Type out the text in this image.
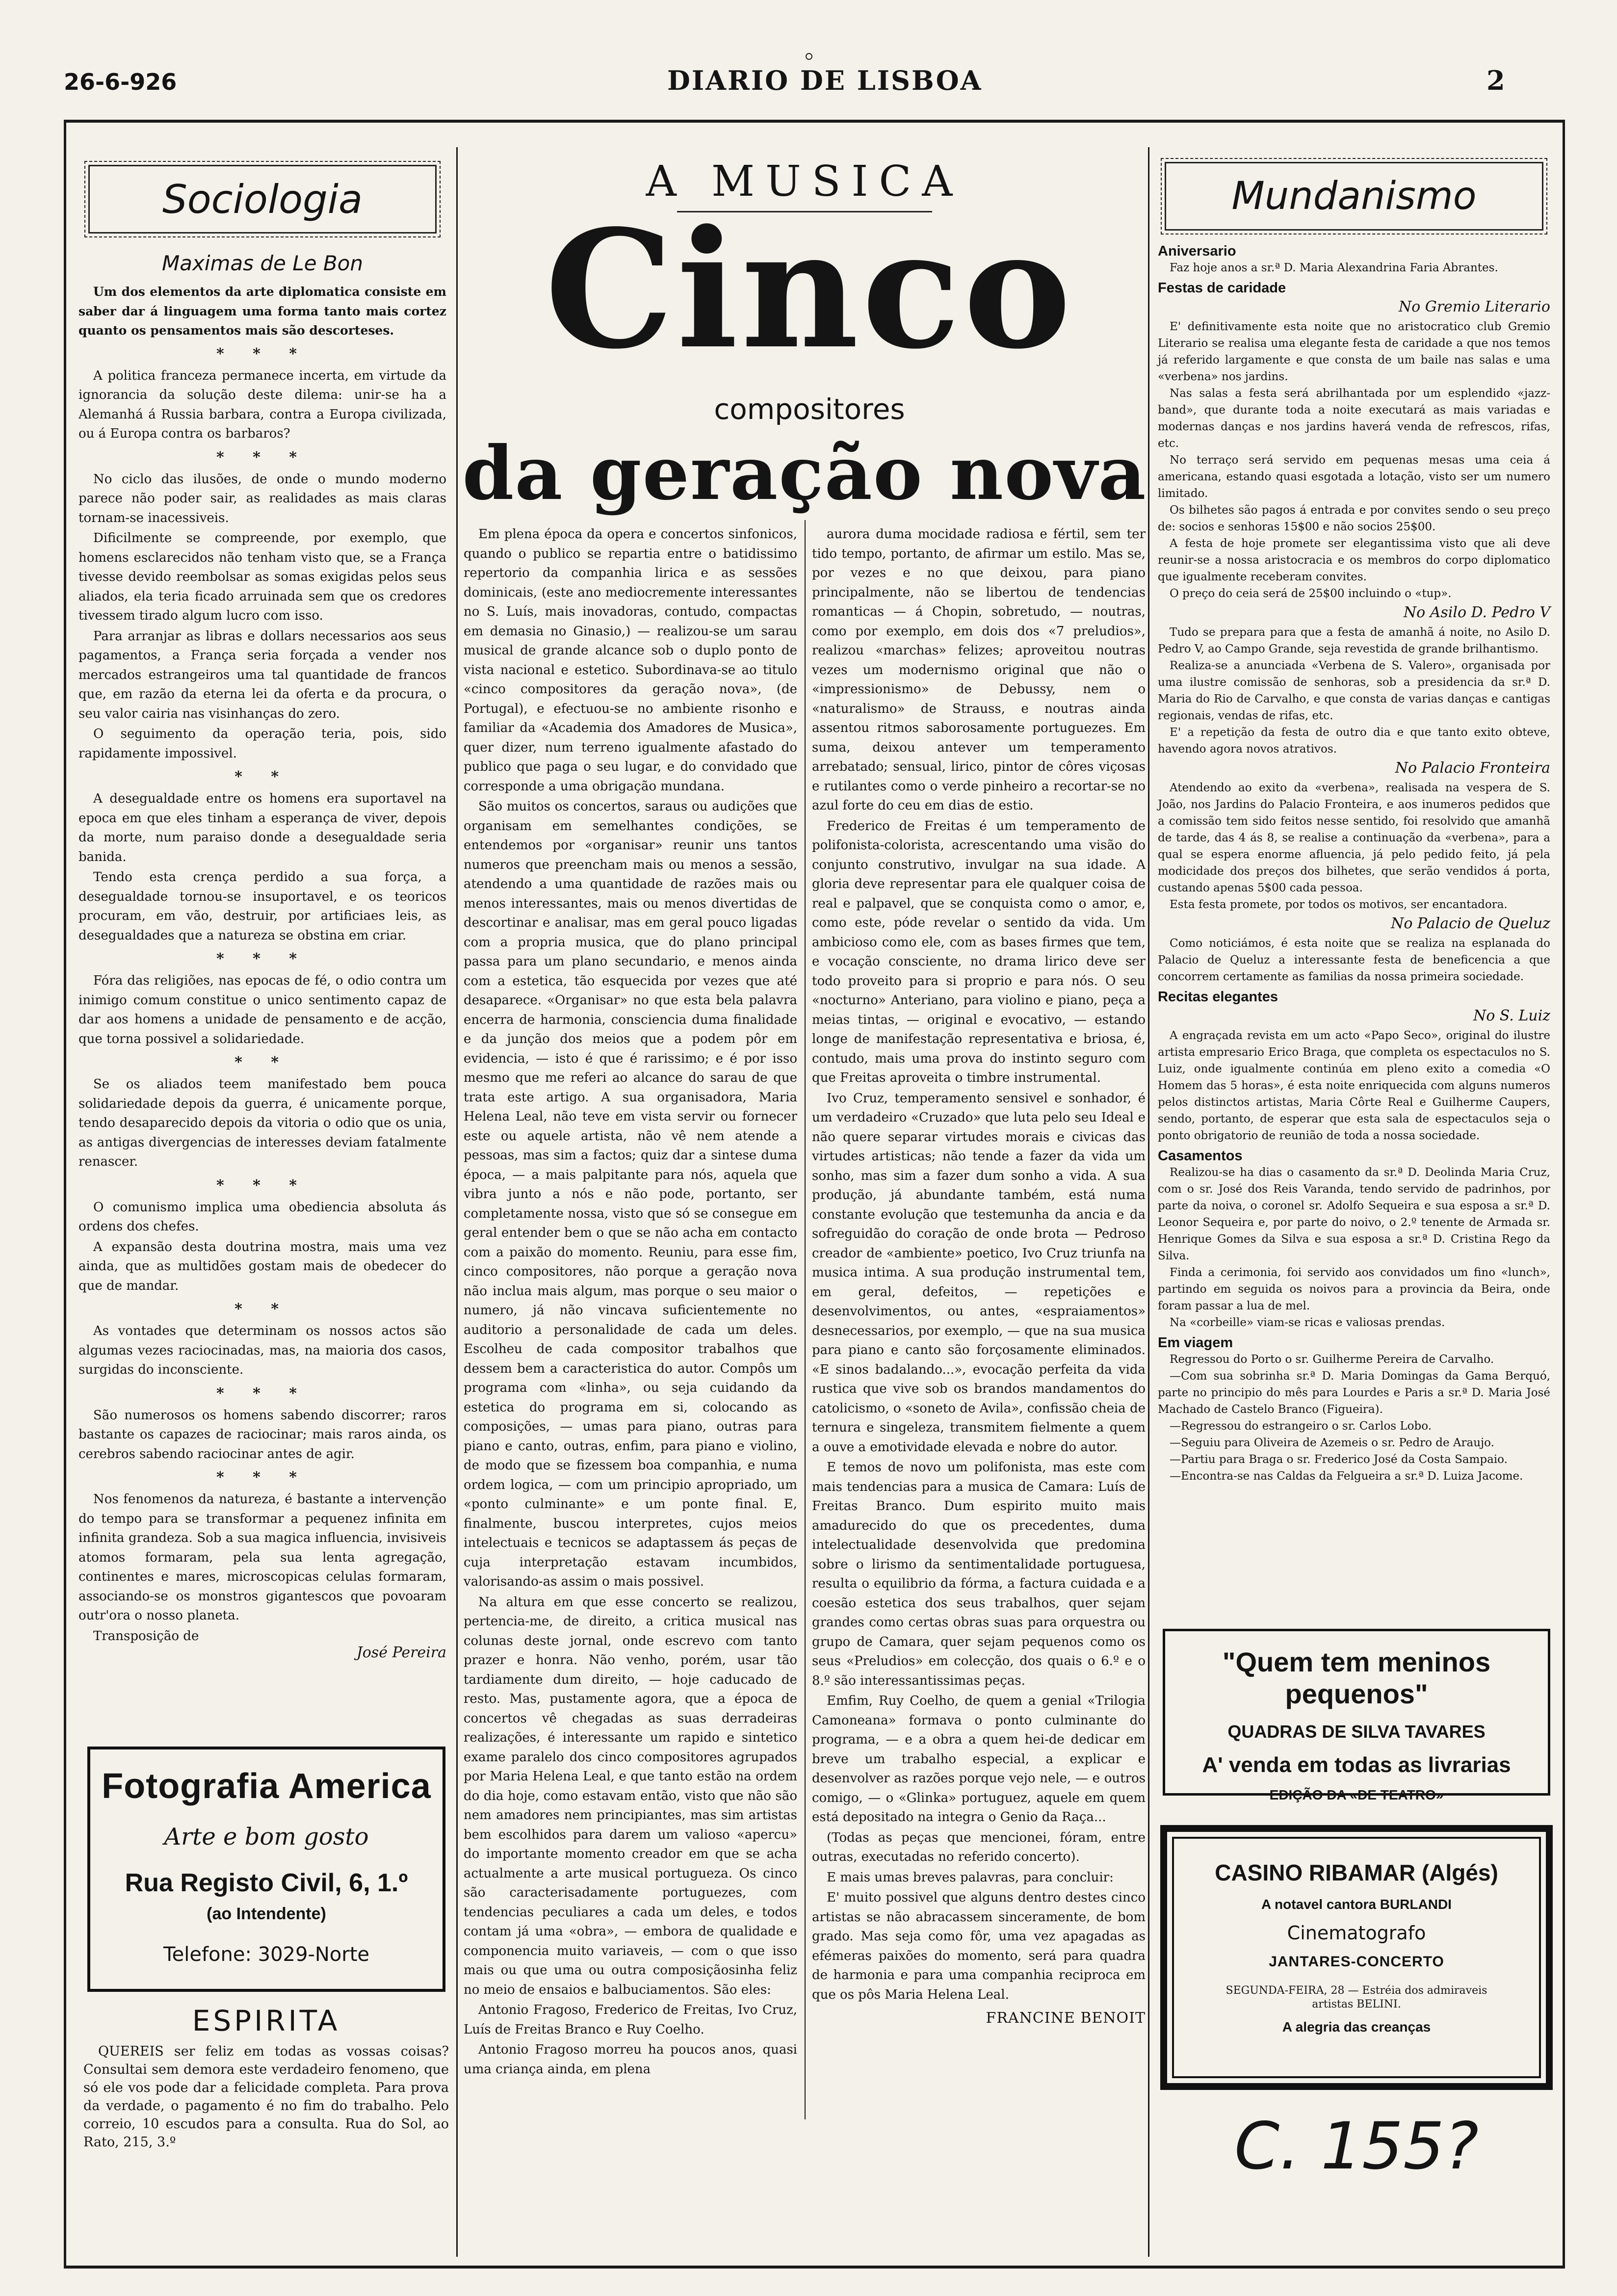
26-6-926	DIARIO DE LISBOA	2
Sociologia
Maximas de Le Bon

Um dos elementos da arte diplomatica consiste em saber dar á linguagem uma forma tanto mais cortez quanto os pensamentos mais são descorteses.

* * *

A politica franceza permanece incerta, em virtude da ignorancia da solução deste dilema: unir-se ha a Alemanhá á Russia barbara, contra a Europa civilizada, ou á Europa contra os barbaros?

* * *

No ciclo das ilusões, de onde o mundo moderno parece não poder sair, as realidades as mais claras tornam-se inacessiveis.

Dificilmente se compreende, por exemplo, que homens esclarecidos não tenham visto que, se a França tivesse devido reembolsar as somas exigidas pelos seus aliados, ela teria ficado arruinada sem que os credores tivessem tirado algum lucro com isso.

Para arranjar as libras e dollars necessarios aos seus pagamentos, a França seria forçada a vender nos mercados estrangeiros uma tal quantidade de francos que, em razão da eterna lei da oferta e da procura, o seu valor cairia nas visinhanças do zero.

O seguimento da operação teria, pois, sido rapidamente impossivel.

* *

A desegualdade entre os homens era suportavel na epoca em que eles tinham a esperança de viver, depois da morte, num paraiso donde a desegualdade seria banida.

Tendo esta crença perdido a sua força, a desegualdade tornou-se insuportavel, e os teoricos procuram, em vão, destruir, por artificiaes leis, as desegualdades que a natureza se obstina em criar.

* * *

Fóra das religiões, nas epocas de fé, o odio contra um inimigo comum constitue o unico sentimento capaz de dar aos homens a unidade de pensamento e de acção, que torna possivel a solidariedade.

* *

Se os aliados teem manifestado bem pouca solidariedade depois da guerra, é unicamente porque, tendo desaparecido depois da vitoria o odio que os unia, as antigas divergencias de interesses deviam fatalmente renascer.

* * *

O comunismo implica uma obediencia absoluta ás ordens dos chefes.

A expansão desta doutrina mostra, mais uma vez ainda, que as multidões gostam mais de obedecer do que de mandar.

* *

As vontades que determinam os nossos actos são algumas vezes raciocinadas, mas, na maioria dos casos, surgidas do inconsciente.

* * *

São numerosos os homens sabendo discorrer; raros bastante os capazes de raciocinar; mais raros ainda, os cerebros sabendo raciocinar antes de agir.

* * *

Nos fenomenos da natureza, é bastante a intervenção do tempo para se transformar a pequenez infinita em infinita grandeza. Sob a sua magica influencia, invisiveis atomos formaram, pela sua lenta agregação, continentes e mares, microscopicas celulas formaram, associando-se os monstros gigantescos que povoaram outr'ora o nosso planeta.

Transposição de

José Pereira
Fotografia America
Arte e bom gosto
Rua Registo Civil, 6, 1.º
(ao Intendente)
Telefone: 3029-Norte
ESPIRITA

QUEREIS ser feliz em todas as vossas coisas? Consultai sem demora este verdadeiro fenomeno, que só ele vos pode dar a felicidade completa. Para prova da verdade, o pagamento é no fim do trabalho. Pelo correio, 10 escudos para a consulta. Rua do Sol, ao Rato, 215, 3.º

A MUSICA
Cinco
compositores
da geração nova

Em plena época da opera e concertos sinfonicos, quando o publico se repartia entre o batidissimo repertorio da companhia lirica e as sessões dominicais, (este ano mediocremente interessantes no S. Luís, mais inovadoras, contudo, compactas em demasia no Ginasio,) — realizou-se um sarau musical de grande alcance sob o duplo ponto de vista nacional e estetico. Subordinava-se ao titulo «cinco compositores da geração nova», (de Portugal), e efectuou-se no ambiente risonho e familiar da «Academia dos Amadores de Musica», quer dizer, num terreno igualmente afastado do publico que paga o seu lugar, e do convidado que corresponde a uma obrigação mundana.

São muitos os concertos, saraus ou audições que organisam em semelhantes condições, se entendemos por «organisar» reunir uns tantos numeros que preencham mais ou menos a sessão, atendendo a uma quantidade de razões mais ou menos interessantes, mais ou menos divertidas de descortinar e analisar, mas em geral pouco ligadas com a propria musica, que do plano principal passa para um plano secundario, e menos ainda com a estetica, tão esquecida por vezes que até desaparece. «Organisar» no que esta bela palavra encerra de harmonia, consciencia duma finalidade e da junção dos meios que a podem pôr em evidencia, — isto é que é rarissimo; e é por isso mesmo que me referi ao alcance do sarau de que trata este artigo. A sua organisadora, Maria Helena Leal, não teve em vista servir ou fornecer este ou aquele artista, não vê nem atende a pessoas, mas sim a factos; quiz dar a sintese duma época, — a mais palpitante para nós, aquela que vibra junto a nós e não pode, portanto, ser completamente nossa, visto que só se consegue em geral entender bem o que se não acha em contacto com a paixão do momento. Reuniu, para esse fim, cinco compositores, não porque a geração nova não inclua mais algum, mas porque o seu maior o numero, já não vincava suficientemente no auditorio a personalidade de cada um deles. Escolheu de cada compositor trabalhos que dessem bem a caracteristica do autor. Compôs um programa com «linha», ou seja cuidando da estetica do programa em si, colocando as composições, — umas para piano, outras para piano e canto, outras, enfim, para piano e violino, de modo que se fizessem boa companhia, e numa ordem logica, — com um principio apropriado, um «ponto culminante» e um ponte final. E, finalmente, buscou interpretes, cujos meios intelectuais e tecnicos se adaptassem ás peças de cuja interpretação estavam incumbidos, valorisando-as assim o mais possivel.

Na altura em que esse concerto se realizou, pertencia-me, de direito, a critica musical nas colunas deste jornal, onde escrevo com tanto prazer e honra. Não venho, porém, usar tão tardiamente dum direito, — hoje caducado de resto. Mas, pustamente agora, que a época de concertos vê chegadas as suas derradeiras realizações, é interessante um rapido e sintetico exame paralelo dos cinco compositores agrupados por Maria Helena Leal, e que tanto estão na ordem do dia hoje, como estavam então, visto que não são nem amadores nem principiantes, mas sim artistas bem escolhidos para darem um valioso «apercu» do importante momento creador em que se acha actualmente a arte musical portugueza. Os cinco são caracterisadamente portuguezes, com tendencias peculiares a cada um deles, e todos contam já uma «obra», — embora de qualidade e componencia muito variaveis, — com o que isso mais ou que uma ou outra composiçãosinha feliz no meio de ensaios e balbuciamentos. São eles:

Antonio Fragoso, Frederico de Freitas, Ivo Cruz, Luís de Freitas Branco e Ruy Coelho.

Antonio Fragoso morreu ha poucos anos, quasi uma criança ainda, em plena

aurora duma mocidade radiosa e fértil, sem ter tido tempo, portanto, de afirmar um estilo. Mas se, por vezes e no que deixou, para piano principalmente, não se libertou de tendencias romanticas — á Chopin, sobretudo, — noutras, como por exemplo, em dois dos «7 preludios», realizou «marchas» felizes; aproveitou noutras vezes um modernismo original que não o «impressionismo» de Debussy, nem o «naturalismo» de Strauss, e noutras ainda assentou ritmos saborosamente portuguezes. Em suma, deixou antever um temperamento arrebatado; sensual, lirico, pintor de côres viçosas e rutilantes como o verde pinheiro a recortar-se no azul forte do ceu em dias de estio.

Frederico de Freitas é um temperamento de polifonista-colorista, acrescentando uma visão do conjunto construtivo, invulgar na sua idade. A gloria deve representar para ele qualquer coisa de real e palpavel, que se conquista como o amor, e, como este, póde revelar o sentido da vida. Um ambicioso como ele, com as bases firmes que tem, e vocação consciente, no drama lirico deve ser todo proveito para si proprio e para nós. O seu «nocturno» Anteriano, para violino e piano, peça a meias tintas, — original e evocativo, — estando longe de manifestação representativa e briosa, é, contudo, mais uma prova do instinto seguro com que Freitas aproveita o timbre instrumental.

Ivo Cruz, temperamento sensivel e sonhador, é um verdadeiro «Cruzado» que luta pelo seu Ideal e não quere separar virtudes morais e civicas das virtudes artisticas; não tende a fazer da vida um sonho, mas sim a fazer dum sonho a vida. A sua produção, já abundante também, está numa constante evolução que testemunha da ancia e da sofreguidão do coração de onde brota — Pedroso creador de «ambiente» poetico, Ivo Cruz triunfa na musica intima. A sua produção instrumental tem, em geral, defeitos, — repetições e desenvolvimentos, ou antes, «espraiamentos» desnecessarios, por exemplo, — que na sua musica para piano e canto são forçosamente eliminados. «E sinos badalando...», evocação perfeita da vida rustica que vive sob os brandos mandamentos do catolicismo, o «soneto de Avila», confissão cheia de ternura e singeleza, transmitem fielmente a quem a ouve a emotividade elevada e nobre do autor.

E temos de novo um polifonista, mas este com mais tendencias para a musica de Camara: Luís de Freitas Branco. Dum espirito muito mais amadurecido do que os precedentes, duma intelectualidade desenvolvida que predomina sobre o lirismo da sentimentalidade portuguesa, resulta o equilibrio da fórma, a factura cuidada e a coesão estetica dos seus trabalhos, quer sejam grandes como certas obras suas para orquestra ou grupo de Camara, quer sejam pequenos como os seus «Preludios» em colecção, dos quais o 6.º e o 8.º são interessantissimas peças.

Emfim, Ruy Coelho, de quem a genial «Trilogia Camoneana» formava o ponto culminante do programa, — e a obra a quem hei-de dedicar em breve um trabalho especial, a explicar e desenvolver as razões porque vejo nele, — e outros comigo, — o «Glinka» portuguez, aquele em quem está depositado na integra o Genio da Raça...

(Todas as peças que mencionei, fóram, entre outras, executadas no referido concerto).

E mais umas breves palavras, para concluir:

E' muito possivel que alguns dentro destes cinco artistas se não abracassem sinceramente, de bom grado. Mas seja como fôr, uma vez apagadas as efémeras paixões do momento, será para quadra de harmonia e para uma companhia reciproca em que os pôs Maria Helena Leal.

FRANCINE BENOIT
Mundanismo
Aniversario

Faz hoje anos a sr.ª D. Maria Alexandrina Faria Abrantes.

Festas de caridade
No Gremio Literario

E' definitivamente esta noite que no aristocratico club Gremio Literario se realisa uma elegante festa de caridade a que nos temos já referido largamente e que consta de um baile nas salas e uma «verbena» nos jardins.

Nas salas a festa será abrilhantada por um esplendido «jazz-band», que durante toda a noite executará as mais variadas e modernas danças e nos jardins haverá venda de refrescos, rifas, etc.

No terraço será servido em pequenas mesas uma ceia á americana, estando quasi esgotada a lotação, visto ser um numero limitado.

Os bilhetes são pagos á entrada e por convites sendo o seu preço de: socios e senhoras 15$00 e não socios 25$00.

A festa de hoje promete ser elegantissima visto que ali deve reunir-se a nossa aristocracia e os membros do corpo diplomatico que igualmente receberam convites.

O preço do ceia será de 25$00 incluindo o «tup».

No Asilo D. Pedro V

Tudo se prepara para que a festa de amanhã á noite, no Asilo D. Pedro V, ao Campo Grande, seja revestida de grande brilhantismo.

Realiza-se a anunciada «Verbena de S. Valero», organisada por uma ilustre comissão de senhoras, sob a presidencia da sr.ª D. Maria do Rio de Carvalho, e que consta de varias danças e cantigas regionais, vendas de rifas, etc.

E' a repetição da festa de outro dia e que tanto exito obteve, havendo agora novos atrativos.

No Palacio Fronteira

Atendendo ao exito da «verbena», realisada na vespera de S. João, nos Jardins do Palacio Fronteira, e aos inumeros pedidos que a comissão tem sido feitos nesse sentido, foi resolvido que amanhã de tarde, das 4 ás 8, se realise a continuação da «verbena», para a qual se espera enorme afluencia, já pelo pedido feito, já pela modicidade dos preços dos bilhetes, que serão vendidos á porta, custando apenas 5$00 cada pessoa.

Esta festa promete, por todos os motivos, ser encantadora.

No Palacio de Queluz

Como noticiámos, é esta noite que se realiza na esplanada do Palacio de Queluz a interessante festa de beneficencia a que concorrem certamente as familias da nossa primeira sociedade.

Recitas elegantes
No S. Luiz

A engraçada revista em um acto «Papo Seco», original do ilustre artista empresario Erico Braga, que completa os espectaculos no S. Luiz, onde igualmente continúa em pleno exito a comedia «O Homem das 5 horas», é esta noite enriquecida com alguns numeros pelos distinctos artistas, Maria Côrte Real e Guilherme Caupers, sendo, portanto, de esperar que esta sala de espectaculos seja o ponto obrigatorio de reunião de toda a nossa sociedade.

Casamentos

Realizou-se ha dias o casamento da sr.ª D. Deolinda Maria Cruz, com o sr. José dos Reis Varanda, tendo servido de padrinhos, por parte da noiva, o coronel sr. Adolfo Sequeira e sua esposa a sr.ª D. Leonor Sequeira e, por parte do noivo, o 2.º tenente de Armada sr. Henrique Gomes da Silva e sua esposa a sr.ª D. Cristina Rego da Silva.

Finda a cerimonia, foi servido aos convidados um fino «lunch», partindo em seguida os noivos para a provincia da Beira, onde foram passar a lua de mel.

Na «corbeille» viam-se ricas e valiosas prendas.

Em viagem

Regressou do Porto o sr. Guilherme Pereira de Carvalho.

—Com sua sobrinha sr.ª D. Maria Domingas da Gama Berquó, parte no principio do mês para Lourdes e Paris a sr.ª D. Maria José Machado de Castelo Branco (Figueira).

—Regressou do estrangeiro o sr. Carlos Lobo.

—Seguiu para Oliveira de Azemeis o sr. Pedro de Araujo.

—Partiu para Braga o sr. Frederico José da Costa Sampaio.

—Encontra-se nas Caldas da Felgueira a sr.ª D. Luiza Jacome.

"Quem tem meninos pequenos"
QUADRAS DE SILVA TAVARES
A' venda em todas as livrarias
EDIÇÃO DA «DE TEATRO»
CASINO RIBAMAR (Algés)
A notavel cantora BURLANDI
Cinematografo
JANTARES-CONCERTO
SEGUNDA-FEIRA, 28 — Estréia dos admiraveis artistas BELINI.
A alegria das creanças
C. 155?
